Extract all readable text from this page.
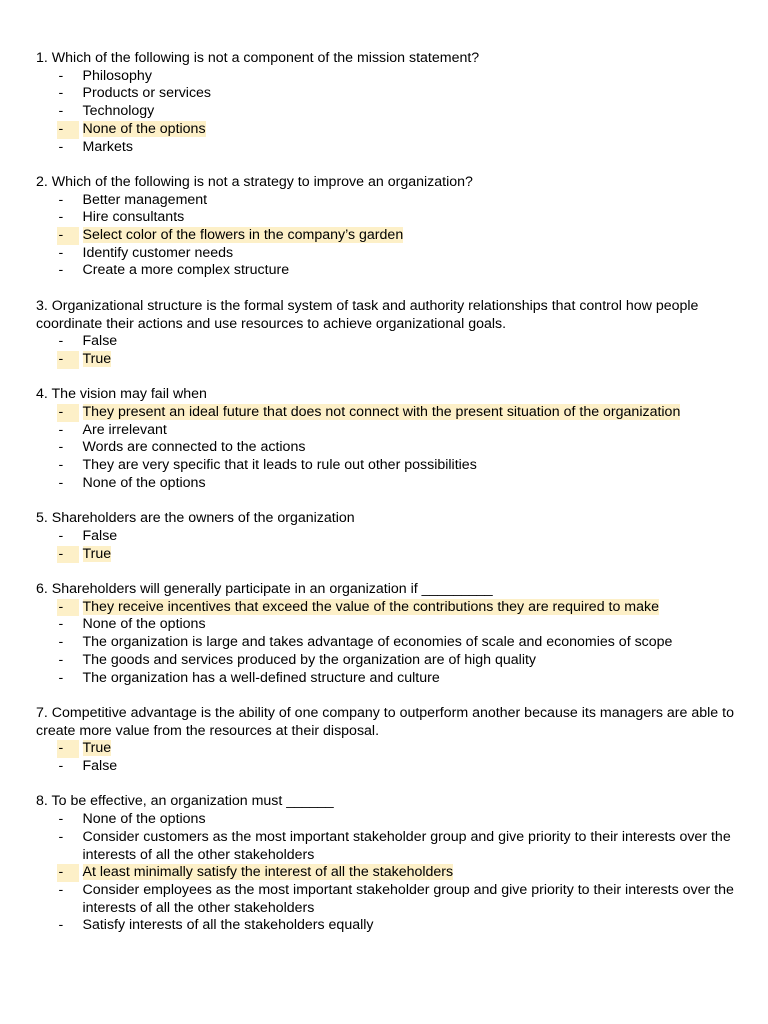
1. Which of the following is not a component of the mission statement?
- Philosophy
- Products or services
- Technology
-	None of the options
- Markets
2. Which of the following is not a strategy to improve an organization?
- Better management
- Hire consultants
-	Select color of the flowers in the company’s garden
- Identify customer needs
- Create a more complex structure
3. Organizational structure is the formal system of task and authority relationships that control how people coordinate their actions and use resources to achieve organizational goals.
- False
-	True
4. The vision may fail when
-	They present an ideal future that does not connect with the present situation of the organization
- Are irrelevant
- Words are connected to the actions
- They are very specific that it leads to rule out other possibilities
- None of the options
5. Shareholders are the owners of the organization
- False
-	True
6. Shareholders will generally participate in an organization if _________
-	They receive incentives that exceed the value of the contributions they are required to make
- None of the options
- The organization is large and takes advantage of economies of scale and economies of scope
- The goods and services produced by the organization are of high quality
- The organization has a well-defined structure and culture
7. Competitive advantage is the ability of one company to outperform another because its managers are able to create more value from the resources at their disposal.
-	True
- False
8. To be effective, an organization must ______
- None of the options
- Consider customers as the most important stakeholder group and give priority to their interests over the interests of all the other stakeholders
-	At least minimally satisfy the interest of all the stakeholders
- Consider employees as the most important stakeholder group and give priority to their interests over the interests of all the other stakeholders
- Satisfy interests of all the stakeholders equally
